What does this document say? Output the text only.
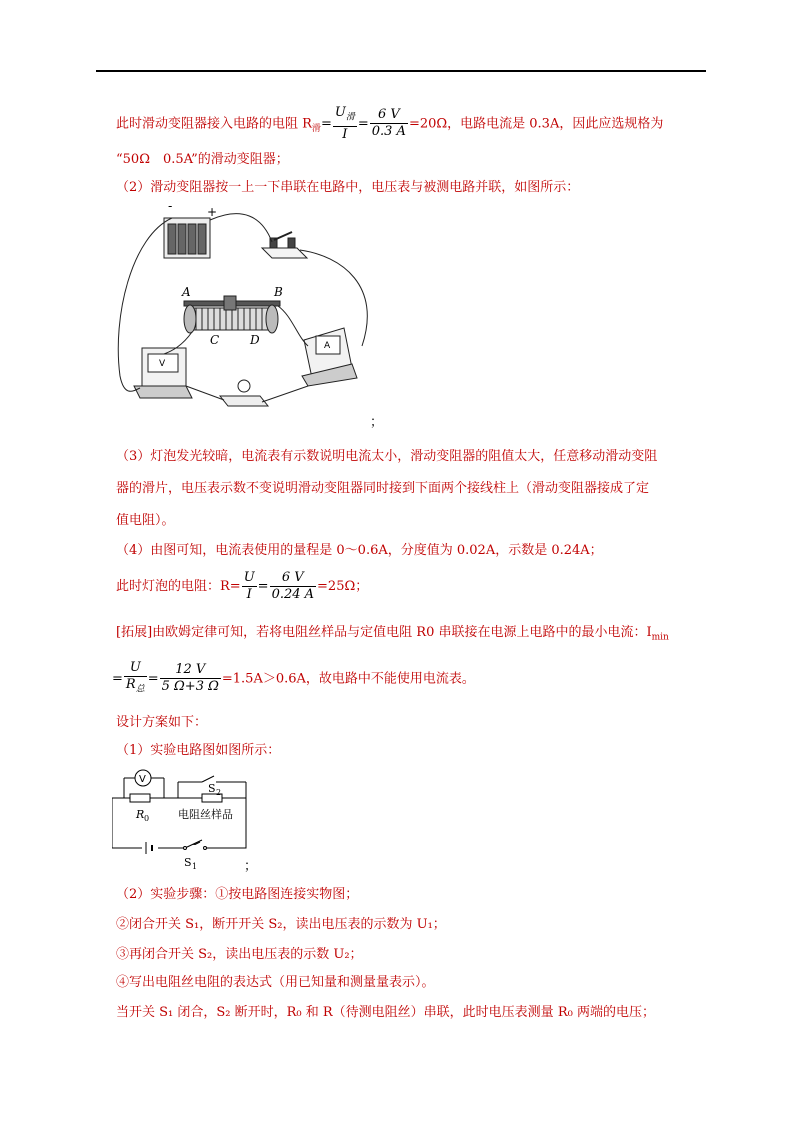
此时滑动变阻器接入电路的电阻 $R_滑= \frac{U_滑}{I} = \frac{6 V}{0.3 A} =20\Omega$，电路电流是 0.3A，因此应选规格为
“50Ω　0.5A”的滑动变阻器；
（2）滑动变阻器按一上一下串联在电路中，电压表与被测电路并联，如图所示：
-	+
A	B
C	D	A
V
；
（3）灯泡发光较暗，电流表有示数说明电流太小，滑动变阻器的阻值太大，任意移动滑动变阻
器的滑片，电压表示数不变说明滑动变阻器同时接到下面两个接线柱上（滑动变阻器接成了定
值电阻）。
（4）由图可知，电流表使用的量程是 0～0.6A，分度值为 0.02A，示数是 0.24A；
此时灯泡的电阻：$R= \frac{U}{I} = \frac{6 V}{0.24 A} =25\Omega$；
[拓展]由欧姆定律可知，若将电阻丝样品与定值电阻 R0 串联接在电源上电路中的最小电流：$I_{min}$
= $\frac{U}{R_总} = \frac{12 V}{5 \Omega+3 \Omega} =1.5A>0.6A$，故电路中不能使用电流表。
设计方案如下：
（1）实验电路图如图所示：
V
S 2
R 0	电阻丝样品
S 1	；
（2）实验步骤：①按电路图连接实物图；
②闭合开关 S₁，断开开关 S₂，读出电压表的示数为 U₁；
③再闭合开关 S₂，读出电压表的示数 U₂；
④写出电阻丝电阻的表达式（用已知量和测量量表示）。
当开关 S₁ 闭合，S₂ 断开时，R₀ 和 R（待测电阻丝）串联，此时电压表测量 R₀ 两端的电压；
